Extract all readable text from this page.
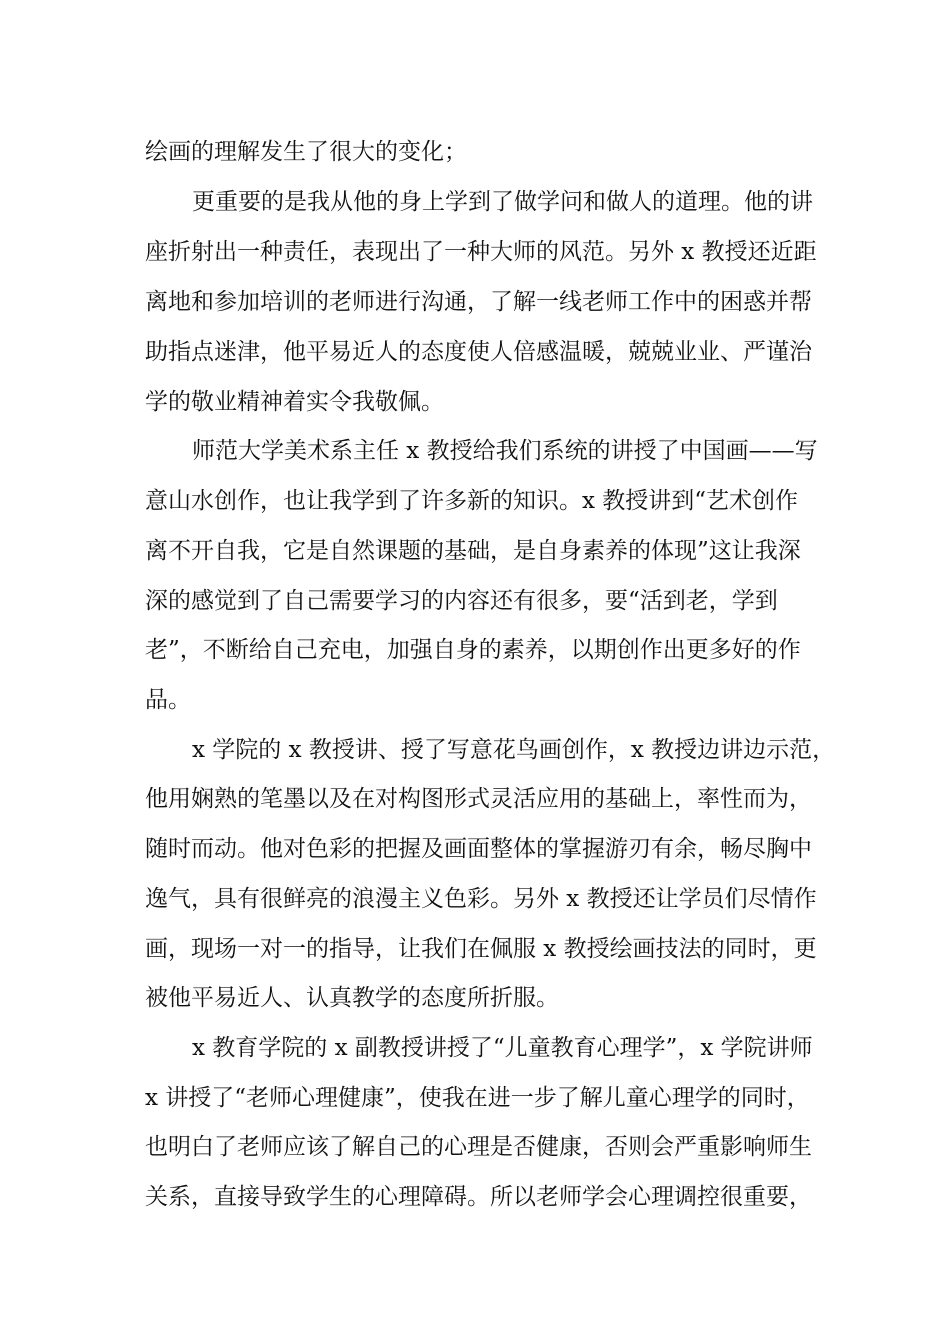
绘画的理解发生了很大的变化；
更重要的是我从他的身上学到了做学问和做人的道理。他的讲
座折射出一种责任，表现出了一种大师的风范。另外 x 教授还近距
离地和参加培训的老师进行沟通，了解一线老师工作中的困惑并帮
助指点迷津，他平易近人的态度使人倍感温暖，兢兢业业、严谨治
学的敬业精神着实令我敬佩。
师范大学美术系主任 x 教授给我们系统的讲授了中国画——写
意山水创作，也让我学到了许多新的知识。x 教授讲到“艺术创作
离不开自我，它是自然课题的基础，是自身素养的体现”这让我深
深的感觉到了自己需要学习的内容还有很多，要“活到老，学到
老”，不断给自己充电，加强自身的素养，以期创作出更多好的作
品。
x 学院的 x 教授讲、授了写意花鸟画创作，x 教授边讲边示范，
他用娴熟的笔墨以及在对构图形式灵活应用的基础上，率性而为，
随时而动。他对色彩的把握及画面整体的掌握游刃有余，畅尽胸中
逸气，具有很鲜亮的浪漫主义色彩。另外 x 教授还让学员们尽情作
画，现场一对一的指导，让我们在佩服 x 教授绘画技法的同时，更
被他平易近人、认真教学的态度所折服。
x 教育学院的 x 副教授讲授了“儿童教育心理学”，x 学院讲师
x 讲授了“老师心理健康”，使我在进一步了解儿童心理学的同时，
也明白了老师应该了解自己的心理是否健康，否则会严重影响师生
关系，直接导致学生的心理障碍。所以老师学会心理调控很重要，
